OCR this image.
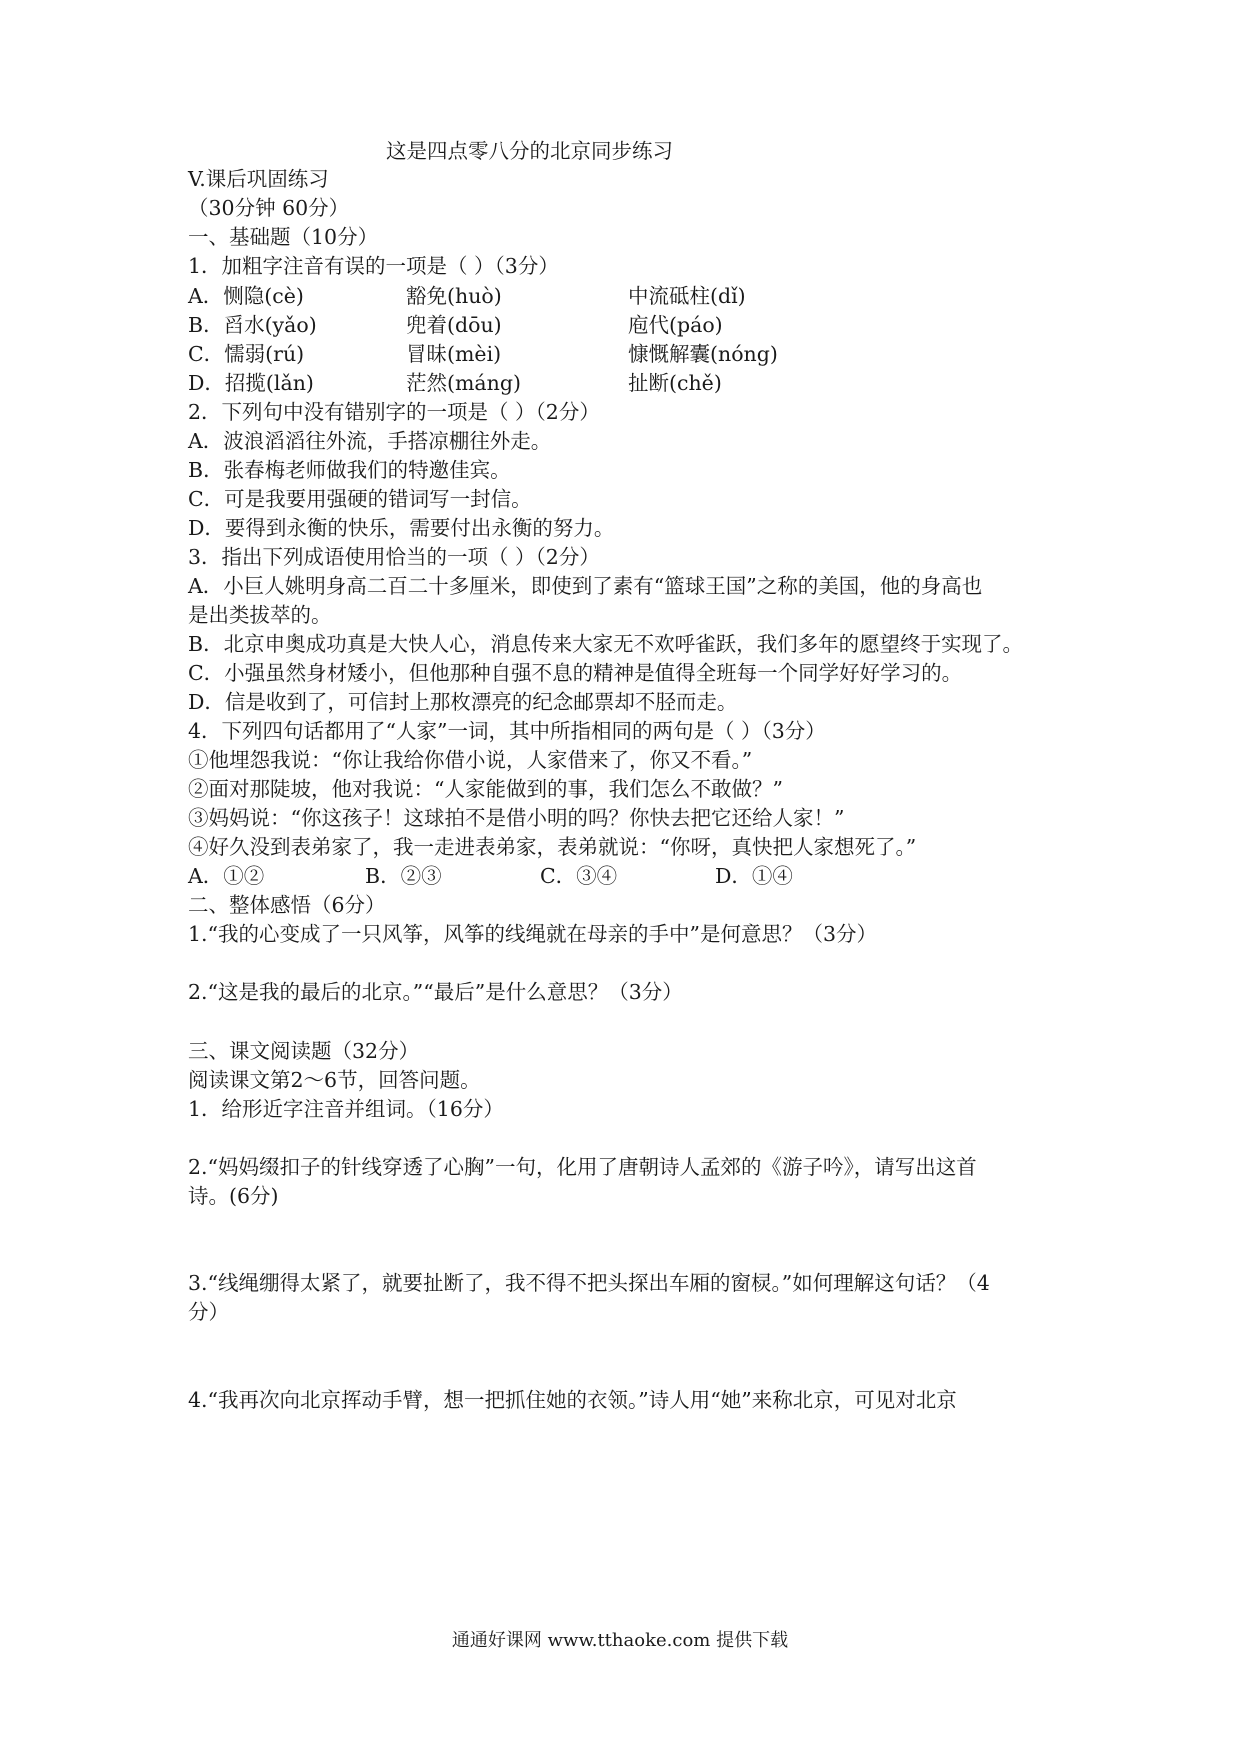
这是四点零八分的北京同步练习
V.课后巩固练习
（30分钟 60分）
一、基础题（10分）
1．加粗字注音有误的一项是（ ）（3分）
A．恻隐(cè)	豁免(huò)	中流砥柱(dǐ)
B．舀水(yǎo)	兜着(dōu)	庖代(páo)
C．懦弱(rú)	冒昧(mèi)	慷慨解囊(nóng)
D．招揽(lǎn)	茫然(máng)	扯断(chě)
2．下列句中没有错别字的一项是（ ）（2分）
A．波浪滔滔往外流，手搭凉棚往外走。
B．张春梅老师做我们的特邀佳宾。
C．可是我要用强硬的错词写一封信。
D．要得到永衡的快乐，需要付出永衡的努力。
3．指出下列成语使用恰当的一项（ ）（2分）
A．小巨人姚明身高二百二十多厘米，即使到了素有“篮球王国”之称的美国，他的身高也
是出类拔萃的。
B．北京申奥成功真是大快人心，消息传来大家无不欢呼雀跃，我们多年的愿望终于实现了。
C．小强虽然身材矮小，但他那种自强不息的精神是值得全班每一个同学好好学习的。
D．信是收到了，可信封上那枚漂亮的纪念邮票却不胫而走。
4．下列四句话都用了“人家”一词，其中所指相同的两句是（ ）（3分）
①他埋怨我说：“你让我给你借小说，人家借来了，你又不看。”
②面对那陡坡，他对我说：“人家能做到的事，我们怎么不敢做？”
③妈妈说：“你这孩子！这球拍不是借小明的吗？你快去把它还给人家！”
④好久没到表弟家了，我一走进表弟家，表弟就说：“你呀，真快把人家想死了。”
A．①②	B．②③	C．③④	D．①④
二、整体感悟（6分）
1.“我的心变成了一只风筝，风筝的线绳就在母亲的手中”是何意思？（3分）
2.“这是我的最后的北京。”“最后”是什么意思？（3分）
三、课文阅读题（32分）
阅读课文第2～6节，回答问题。
1．给形近字注音并组词。（16分）
2.“妈妈缀扣子的针线穿透了心胸”一句，化用了唐朝诗人孟郊的《游子吟》，请写出这首
诗。(6分)
3.“线绳绷得太紧了，就要扯断了，我不得不把头探出车厢的窗棂。”如何理解这句话？（4
分）
4.“我再次向北京挥动手臂，想一把抓住她的衣领。”诗人用“她”来称北京，可见对北京
通通好课网 www.tthaoke.com 提供下载
